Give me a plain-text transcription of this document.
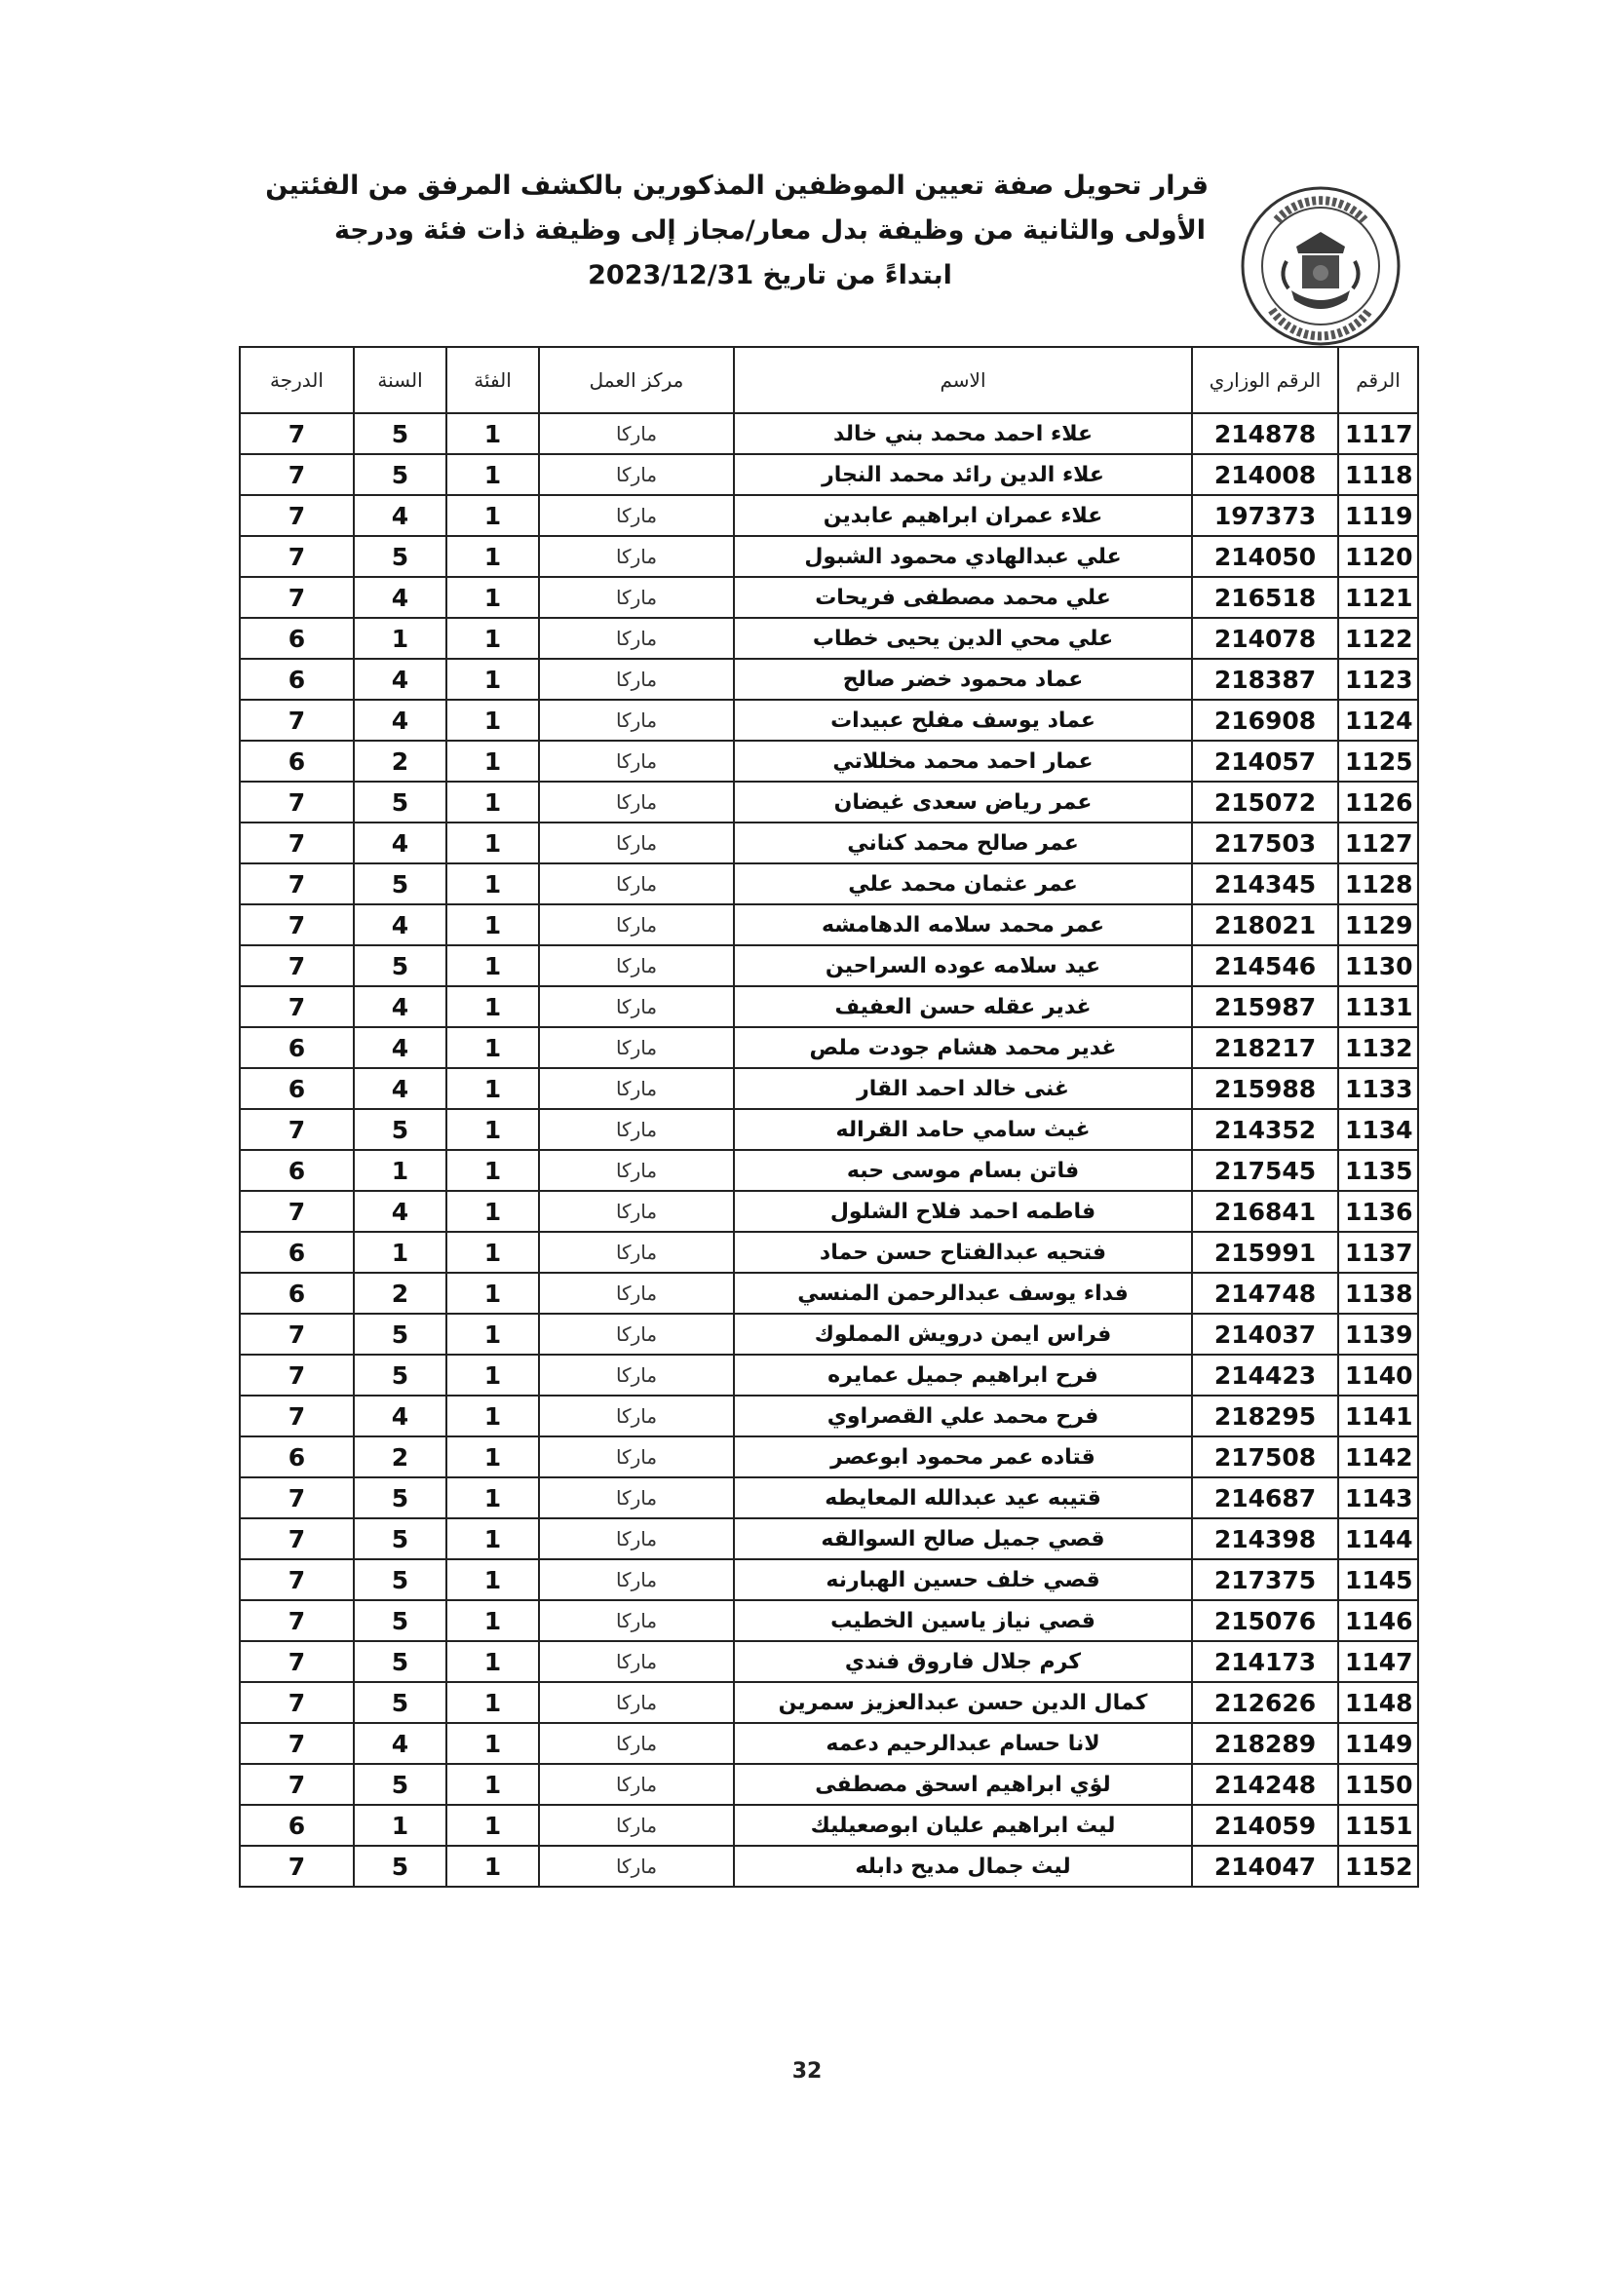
قرار تحويل صفة تعيين الموظفين المذكورين بالكشف المرفق من الفئتين
الأولى والثانية من وظيفة بدل معار/مجاز إلى وظيفة ذات فئة ودرجة
ابتداءً من تاريخ 2023/12/31
الرقم	الرقم الوزاري	الاسم	مركز العمل	الفئة	السنة	الدرجة
1117	214878	علاء احمد محمد بني خالد	ماركا	1	5	7
1118	214008	علاء الدين رائد محمد النجار	ماركا	1	5	7
1119	197373	علاء عمران ابراهيم عابدين	ماركا	1	4	7
1120	214050	علي عبدالهادي محمود الشبول	ماركا	1	5	7
1121	216518	علي محمد مصطفى فريحات	ماركا	1	4	7
1122	214078	علي محي الدين يحيى خطاب	ماركا	1	1	6
1123	218387	عماد محمود خضر صالح	ماركا	1	4	6
1124	216908	عماد يوسف مفلح عبيدات	ماركا	1	4	7
1125	214057	عمار احمد محمد مخللاتي	ماركا	1	2	6
1126	215072	عمر رياض سعدى غيضان	ماركا	1	5	7
1127	217503	عمر صالح محمد كناني	ماركا	1	4	7
1128	214345	عمر عثمان محمد علي	ماركا	1	5	7
1129	218021	عمر محمد سلامه الدهامشه	ماركا	1	4	7
1130	214546	عيد سلامه عوده السراحين	ماركا	1	5	7
1131	215987	غدير عقله حسن العفيف	ماركا	1	4	7
1132	218217	غدير محمد هشام جودت ملص	ماركا	1	4	6
1133	215988	غنى خالد احمد القار	ماركا	1	4	6
1134	214352	غيث سامي حامد القراله	ماركا	1	5	7
1135	217545	فاتن بسام موسى حبه	ماركا	1	1	6
1136	216841	فاطمه احمد فلاح الشلول	ماركا	1	4	7
1137	215991	فتحيه عبدالفتاح حسن حماد	ماركا	1	1	6
1138	214748	فداء يوسف عبدالرحمن المنسي	ماركا	1	2	6
1139	214037	فراس ايمن درويش المملوك	ماركا	1	5	7
1140	214423	فرح ابراهيم جميل عمايره	ماركا	1	5	7
1141	218295	فرح محمد علي القصراوي	ماركا	1	4	7
1142	217508	قتاده عمر محمود ابوعصر	ماركا	1	2	6
1143	214687	قتيبه عيد عبدالله المعايطه	ماركا	1	5	7
1144	214398	قصي جميل صالح السوالقه	ماركا	1	5	7
1145	217375	قصي خلف حسين الهبارنه	ماركا	1	5	7
1146	215076	قصي نياز ياسين الخطيب	ماركا	1	5	7
1147	214173	كرم جلال فاروق فندي	ماركا	1	5	7
1148	212626	كمال الدين حسن عبدالعزيز سمرين	ماركا	1	5	7
1149	218289	لانا حسام عبدالرحيم دعمه	ماركا	1	4	7
1150	214248	لؤي ابراهيم اسحق مصطفى	ماركا	1	5	7
1151	214059	ليث ابراهيم عليان ابوصعيليك	ماركا	1	1	6
1152	214047	ليث جمال مديح دابله	ماركا	1	5	7
32
